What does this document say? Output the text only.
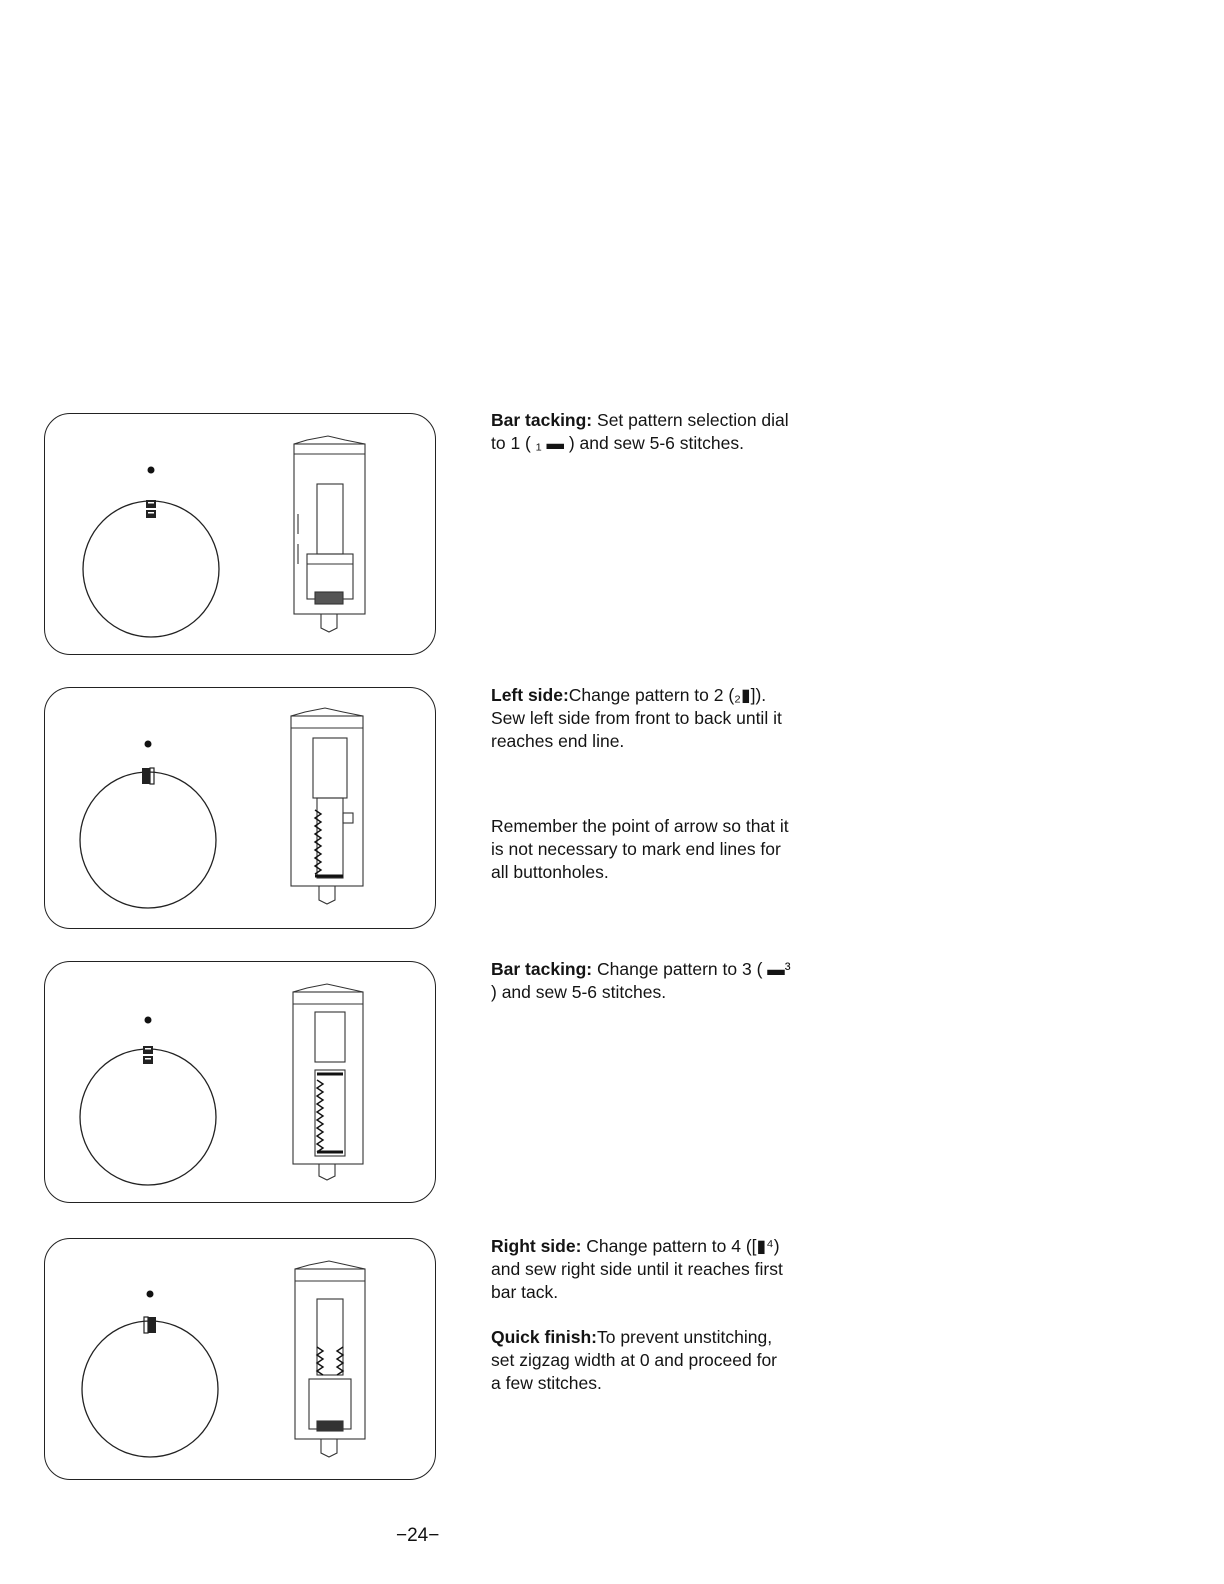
Bar tacking: Set pattern selection dial to 1 ( ₁ ▬ ) and sew 5-6 stitches.

Left side:Change pattern to 2 (₂▮]). Sew left side from front to back until it reaches end line.

Remember the point of arrow so that it is not necessary to mark end lines for all buttonholes.

Bar tacking: Change pattern to 3 ( ▬³ ) and sew 5-6 stitches.

Right side: Change pattern to 4 ([▮⁴) and sew right side until it reaches first bar tack.

Quick finish:To prevent unstitching, set zigzag width at 0 and proceed for a few stitches.

−24−
